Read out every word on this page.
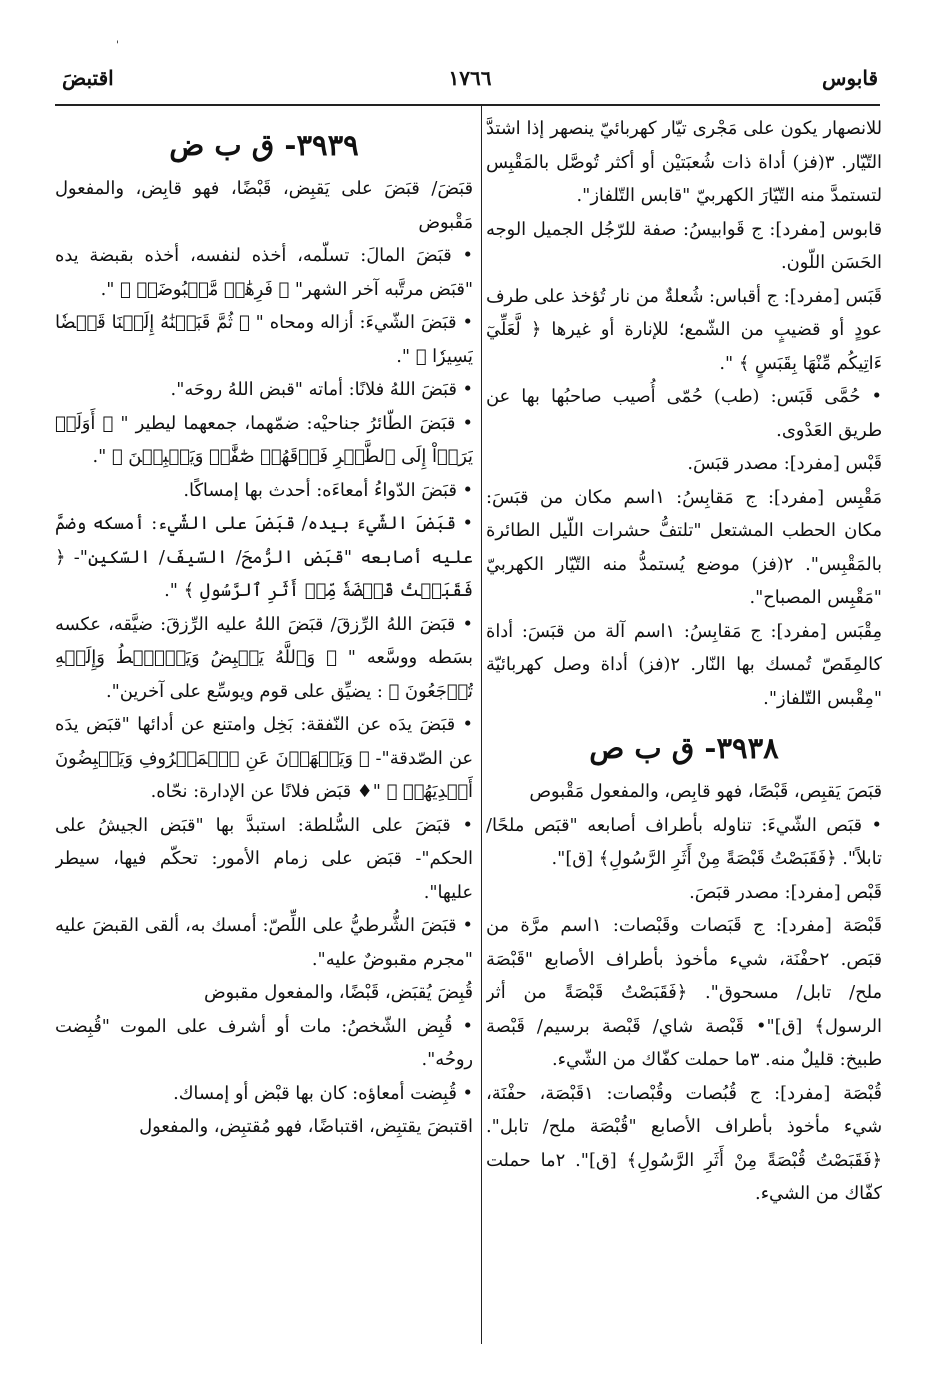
'
قابوس
١٧٦٦
اقتبضَ

للانصهار يكون على مَجْرى تيّار كهربائيّ ينصهر إذا اشتدَّ التّيّار. ٣(فز) أداة ذات شُعبَتيْن أو أكثر تُوصَّل بالمَقْبِس لتستمدَّ منه التّيّارَ الكهربيّ "قابس التّلفاز".

قابوس [مفرد]: ج قَوابيسُ: صفة للرّجُل الجميل الوجه الحَسَن اللّون.

قَبَس [مفرد]: ج أقباس: شُعلةٌ من نار تُؤخذ على طرف عودٍ أو قضيبٍ من الشّمع؛ للإنارة أو غيرها ﴿ لَّعَلِّيٓ ءَاتِيكُم مِّنْهَا بِقَبَسٍ ﴾ ".

• حُمَّى قَبَس: (طب) حُمّى أُصيب صاحبُها بها عن طريق العَدْوى.

قَبْس [مفرد]: مصدر قبَسَ.

مَقْبِس [مفرد]: ج مَقابِسُ: ١اسم مكان من قبَسَ: مكان الحطب المشتعل "تلتفُّ حشرات اللّيل الطائرة بالمَقْبِس". ٢(فز) موضع يُستمدُّ منه التّيّار الكهربيّ "مَقْبِس المصباح".

مِقْبَس [مفرد]: ج مَقابِسُ: ١اسم آلة من قبَسَ: أداة كالمِقَصّ تُمسك بها النّار. ٢(فز) أداة وصل كهربائيّة "مِقْبس التّلفاز".

٣٩٣٨- ق ب ص

قبَصَ يَقبِص، قَبْصًا، فهو قابِص، والمفعول مَقْبوص

• قبَص الشّيءَ: تناوله بأطراف أصابعه "قبَص ملحًا/ تابلاً". ﴿فَقَبَصْتُ قَبْصَةً مِنْ أَثَرِ الرَّسُولِ﴾ [ق]".

قَبْص [مفرد]: مصدر قبَصَ.

قَبْصَة [مفرد]: ج قَبَصات وقَبْصات: ١اسم مرَّة من قبَص. ٢حفْنَة، شيء مأخوذ بأطراف الأصابع "قَبْصَة ملح/ تابل/ مسحوق". ﴿فَقَبَصْتُ قَبْصَةً من أثر الرسول﴾ [ق]"• قَبْصة شاي/ قَبْصة برسيم/ قَبْصة طبيخ: قليلٌ منه. ٣ما حملت كفّاك من الشّيء.

قُبْصَة [مفرد]: ج قُبُصات وقُبْصات: ١قَبْصَة، حفْنَة، شيء مأخوذ بأطراف الأصابع "قُبْصَة ملح/ تابل". ﴿فَقَبَصْتُ قُبْصَةً مِنْ أَثَرِ الرَّسُولِ﴾ [ق]". ٢ما حملت كفّاك من الشيء.

٣٩٣٩- ق ب ض

قبَضَ/ قبَضَ على يَقبِض، قَبْضًا، فهو قابِض، والمفعول مَقْبوض

• قبَضَ المالَ: تسلّمه، أخذه لنفسه، أخذه بقبضة يده "قبَض مرتَّبه آخر الشهر" ﴿ فَرِهَٰنٞ مَّقۡبُوضَةٞ ﴾ ".

• قبَضَ الشّيءَ: أزاله ومحاه " ﴿ ثُمَّ قَبَضۡنَٰهُ إِلَيۡنَا قَبۡضٗا يَسِيرٗا ﴾ ".

• قبَضَ اللهُ فلانًا: أماته "قبض اللهُ روحَه".

• قبَضَ الطّائرُ جناحيْه: ضمّهما، جمعهما ليطير " ﴿ أَوَلَمۡ يَرَوۡاْ إِلَى ٱلطَّيۡرِ فَوۡقَهُمۡ صَٰٓفَّٰتٖ وَيَقۡبِضۡنَ ﴾ ".

• قبَضَ الدّواءُ أمعاءَه: أحدث بها إمساكًا.

• قبَضَ الشّيءَ بيده/ قبَضَ على الشّيء: أمسكه وضمَّ عليه أصابعه "قبَض الرُّمحَ/ السّيفَ/ السّكين"- ﴿ فَقَبَضۡتُ قَبۡضَةٗ مِّنۡ أَثَرِ ٱلرَّسُولِ ﴾ ".

• قبَضَ اللهُ الرِّزقَ/ قبَضَ اللهُ عليه الرِّزقَ: ضيَّقه، عكسه بسَطه ووسَّعه " ﴿ وَٱللَّهُ يَقۡبِضُ وَيَبۡصُۜطُ وَإِلَيۡهِ تُرۡجَعُونَ ﴾ : يضيِّق على قوم ويوسِّع على آخرين".

• قبَضَ يدَه عن النّفقة: بَخِل وامتنع عن أدائها "قبَض يدَه عن الصّدقة"- ﴿ وَيَنۡهَوۡنَ عَنِ ٱلۡمَعۡرُوفِ وَيَقۡبِضُونَ أَيۡدِيَهُمۡ ﴾ "♦ قبَض فلانًا عن الإدارة: نحّاه.

• قبَضَ على السُّلطة: استبدَّ بها "قبَض الجيشُ على الحكم"- قبَض على زمام الأمور: تحكّم فيها، سيطر عليها".

• قبَضَ الشُّرطيُّ على اللِّصّ: أمسك به، ألقى القبضَ عليه "مجرم مقبوضٌ عليه".

قُبِضَ يُقبَض، قَبْضًا، والمفعول مقبوض

• قُبِض الشّخصُ: مات أو أشرف على الموت "قُبِضت روحُه".

• قُبِضت أمعاؤه: كان بها قبْض أو إمساك.

اقتبضَ يقتبِض، اقتباضًا، فهو مُقتبِض، والمفعول
